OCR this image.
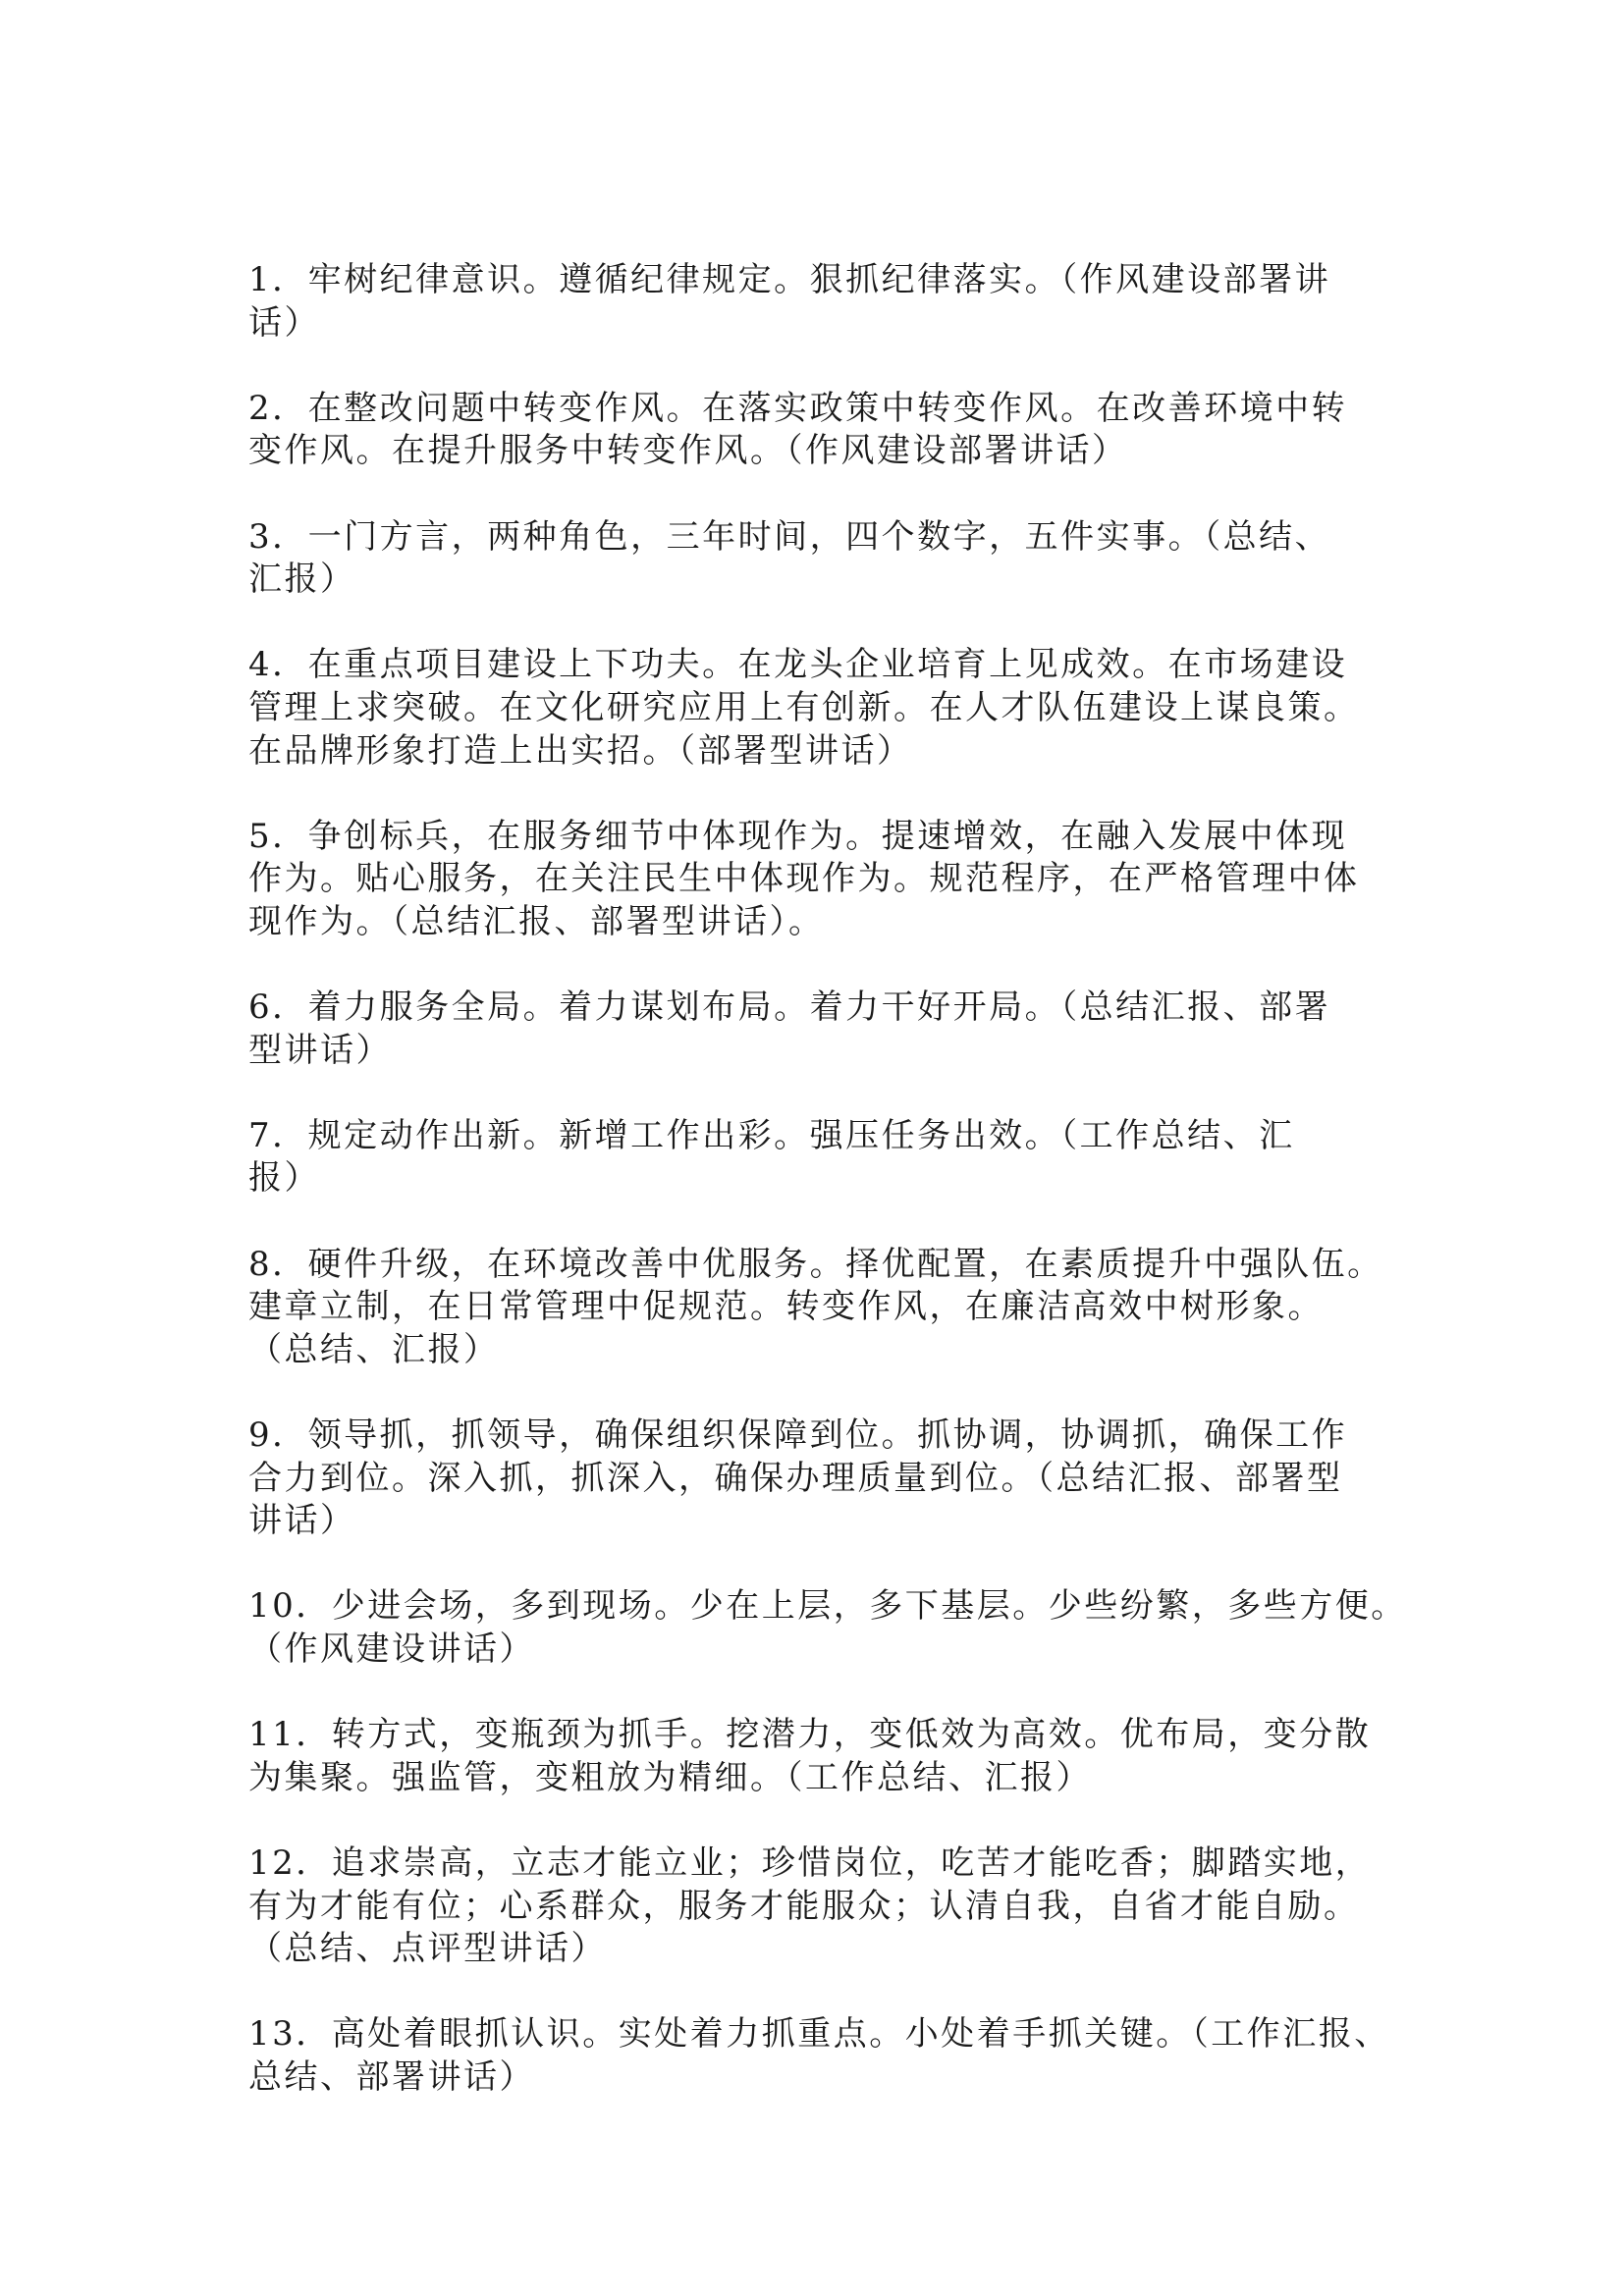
1．牢树纪律意识。遵循纪律规定。狠抓纪律落实。（作风建设部署讲
话）
2．在整改问题中转变作风。在落实政策中转变作风。在改善环境中转
变作风。在提升服务中转变作风。（作风建设部署讲话）
3．一门方言，两种角色，三年时间，四个数字，五件实事。（总结、
汇报）
4．在重点项目建设上下功夫。在龙头企业培育上见成效。在市场建设
管理上求突破。在文化研究应用上有创新。在人才队伍建设上谋良策。
在品牌形象打造上出实招。（部署型讲话）
5．争创标兵，在服务细节中体现作为。提速增效，在融入发展中体现
作为。贴心服务，在关注民生中体现作为。规范程序，在严格管理中体
现作为。（总结汇报、部署型讲话）。
6．着力服务全局。着力谋划布局。着力干好开局。（总结汇报、部署
型讲话）
7．规定动作出新。新增工作出彩。强压任务出效。（工作总结、汇
报）
8．硬件升级，在环境改善中优服务。择优配置，在素质提升中强队伍。
建章立制，在日常管理中促规范。转变作风，在廉洁高效中树形象。
（总结、汇报）
9．领导抓，抓领导，确保组织保障到位。抓协调，协调抓，确保工作
合力到位。深入抓，抓深入，确保办理质量到位。（总结汇报、部署型
讲话）
10．少进会场，多到现场。少在上层，多下基层。少些纷繁，多些方便。
（作风建设讲话）
11．转方式，变瓶颈为抓手。挖潜力，变低效为高效。优布局，变分散
为集聚。强监管，变粗放为精细。（工作总结、汇报）
12．追求崇高，立志才能立业；珍惜岗位，吃苦才能吃香；脚踏实地，
有为才能有位；心系群众，服务才能服众；认清自我，自省才能自励。
（总结、点评型讲话）
13．高处着眼抓认识。实处着力抓重点。小处着手抓关键。（工作汇报、
总结、部署讲话）
